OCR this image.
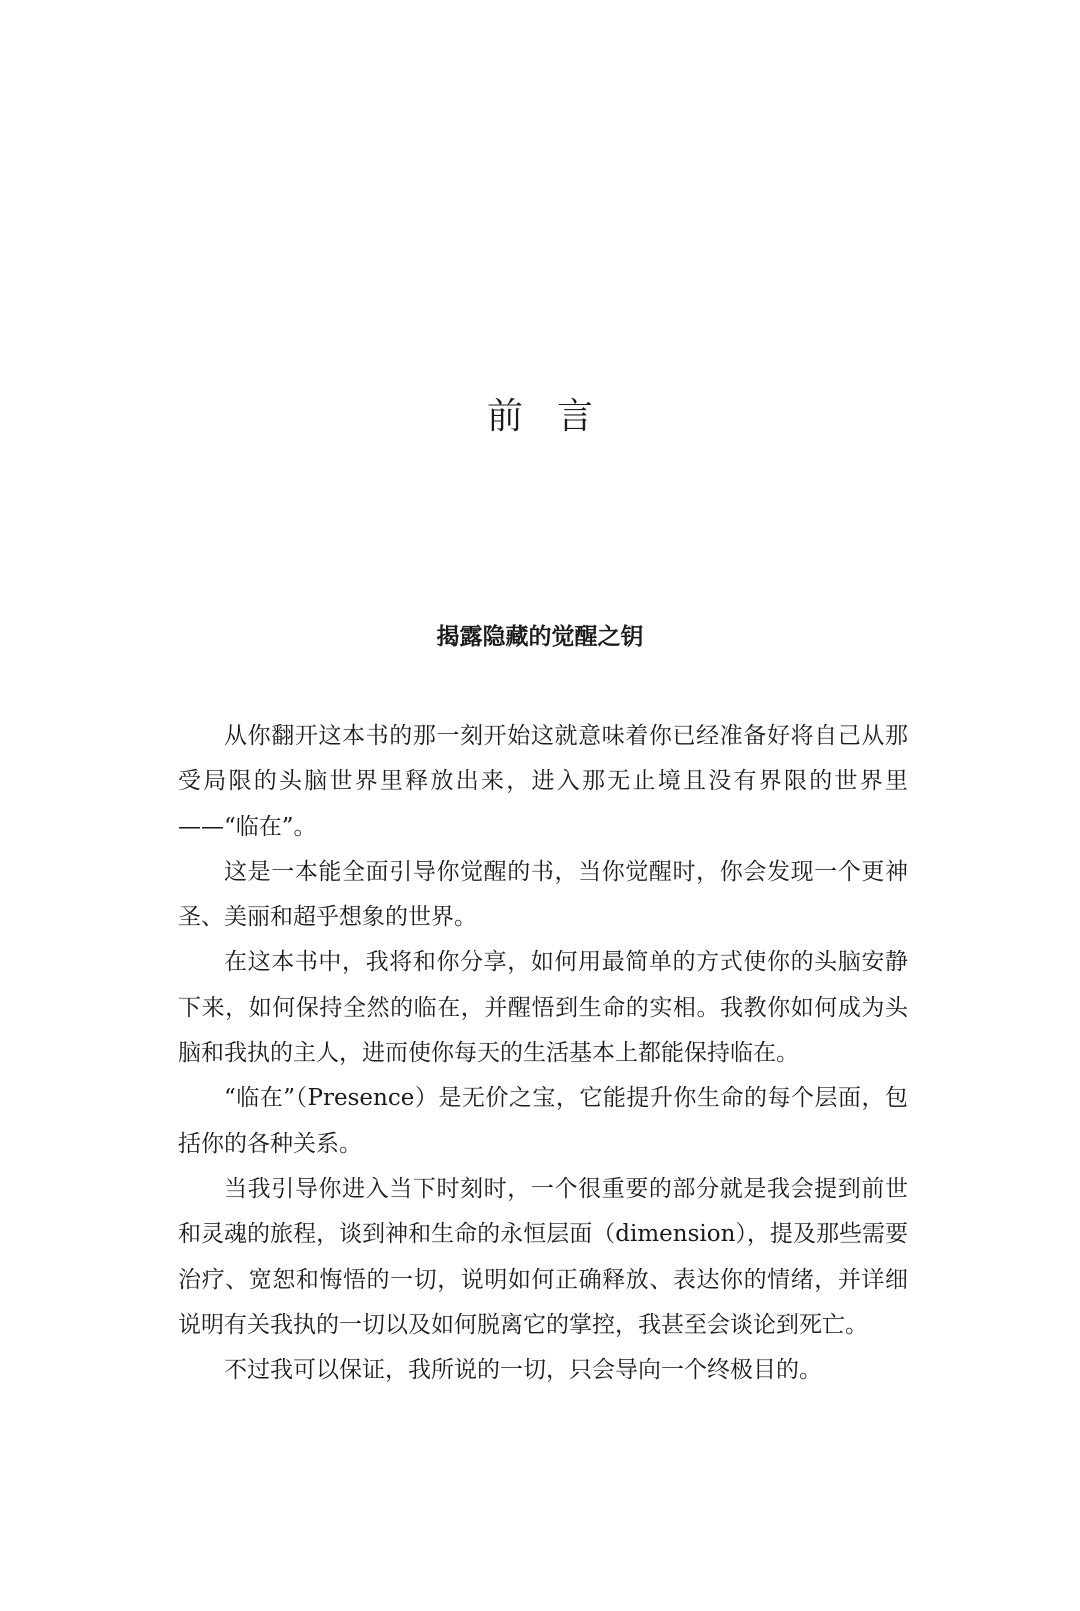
前言
揭露隐藏的觉醒之钥

从你翻开这本书的那一刻开始这就意味着你已经准备好将自己从那受局限的头脑世界里释放出来，进入那无止境且没有界限的世界里——“临在”。

这是一本能全面引导你觉醒的书，当你觉醒时，你会发现一个更神圣、美丽和超乎想象的世界。

在这本书中，我将和你分享，如何用最简单的方式使你的头脑安静下来，如何保持全然的临在，并醒悟到生命的实相。我教你如何成为头脑和我执的主人，进而使你每天的生活基本上都能保持临在。

“临在”（Presence）是无价之宝，它能提升你生命的每个层面，包括你的各种关系。

当我引导你进入当下时刻时，一个很重要的部分就是我会提到前世和灵魂的旅程，谈到神和生命的永恒层面（dimension），提及那些需要治疗、宽恕和悔悟的一切，说明如何正确释放、表达你的情绪，并详细说明有关我执的一切以及如何脱离它的掌控，我甚至会谈论到死亡。

不过我可以保证，我所说的一切，只会导向一个终极目的。
